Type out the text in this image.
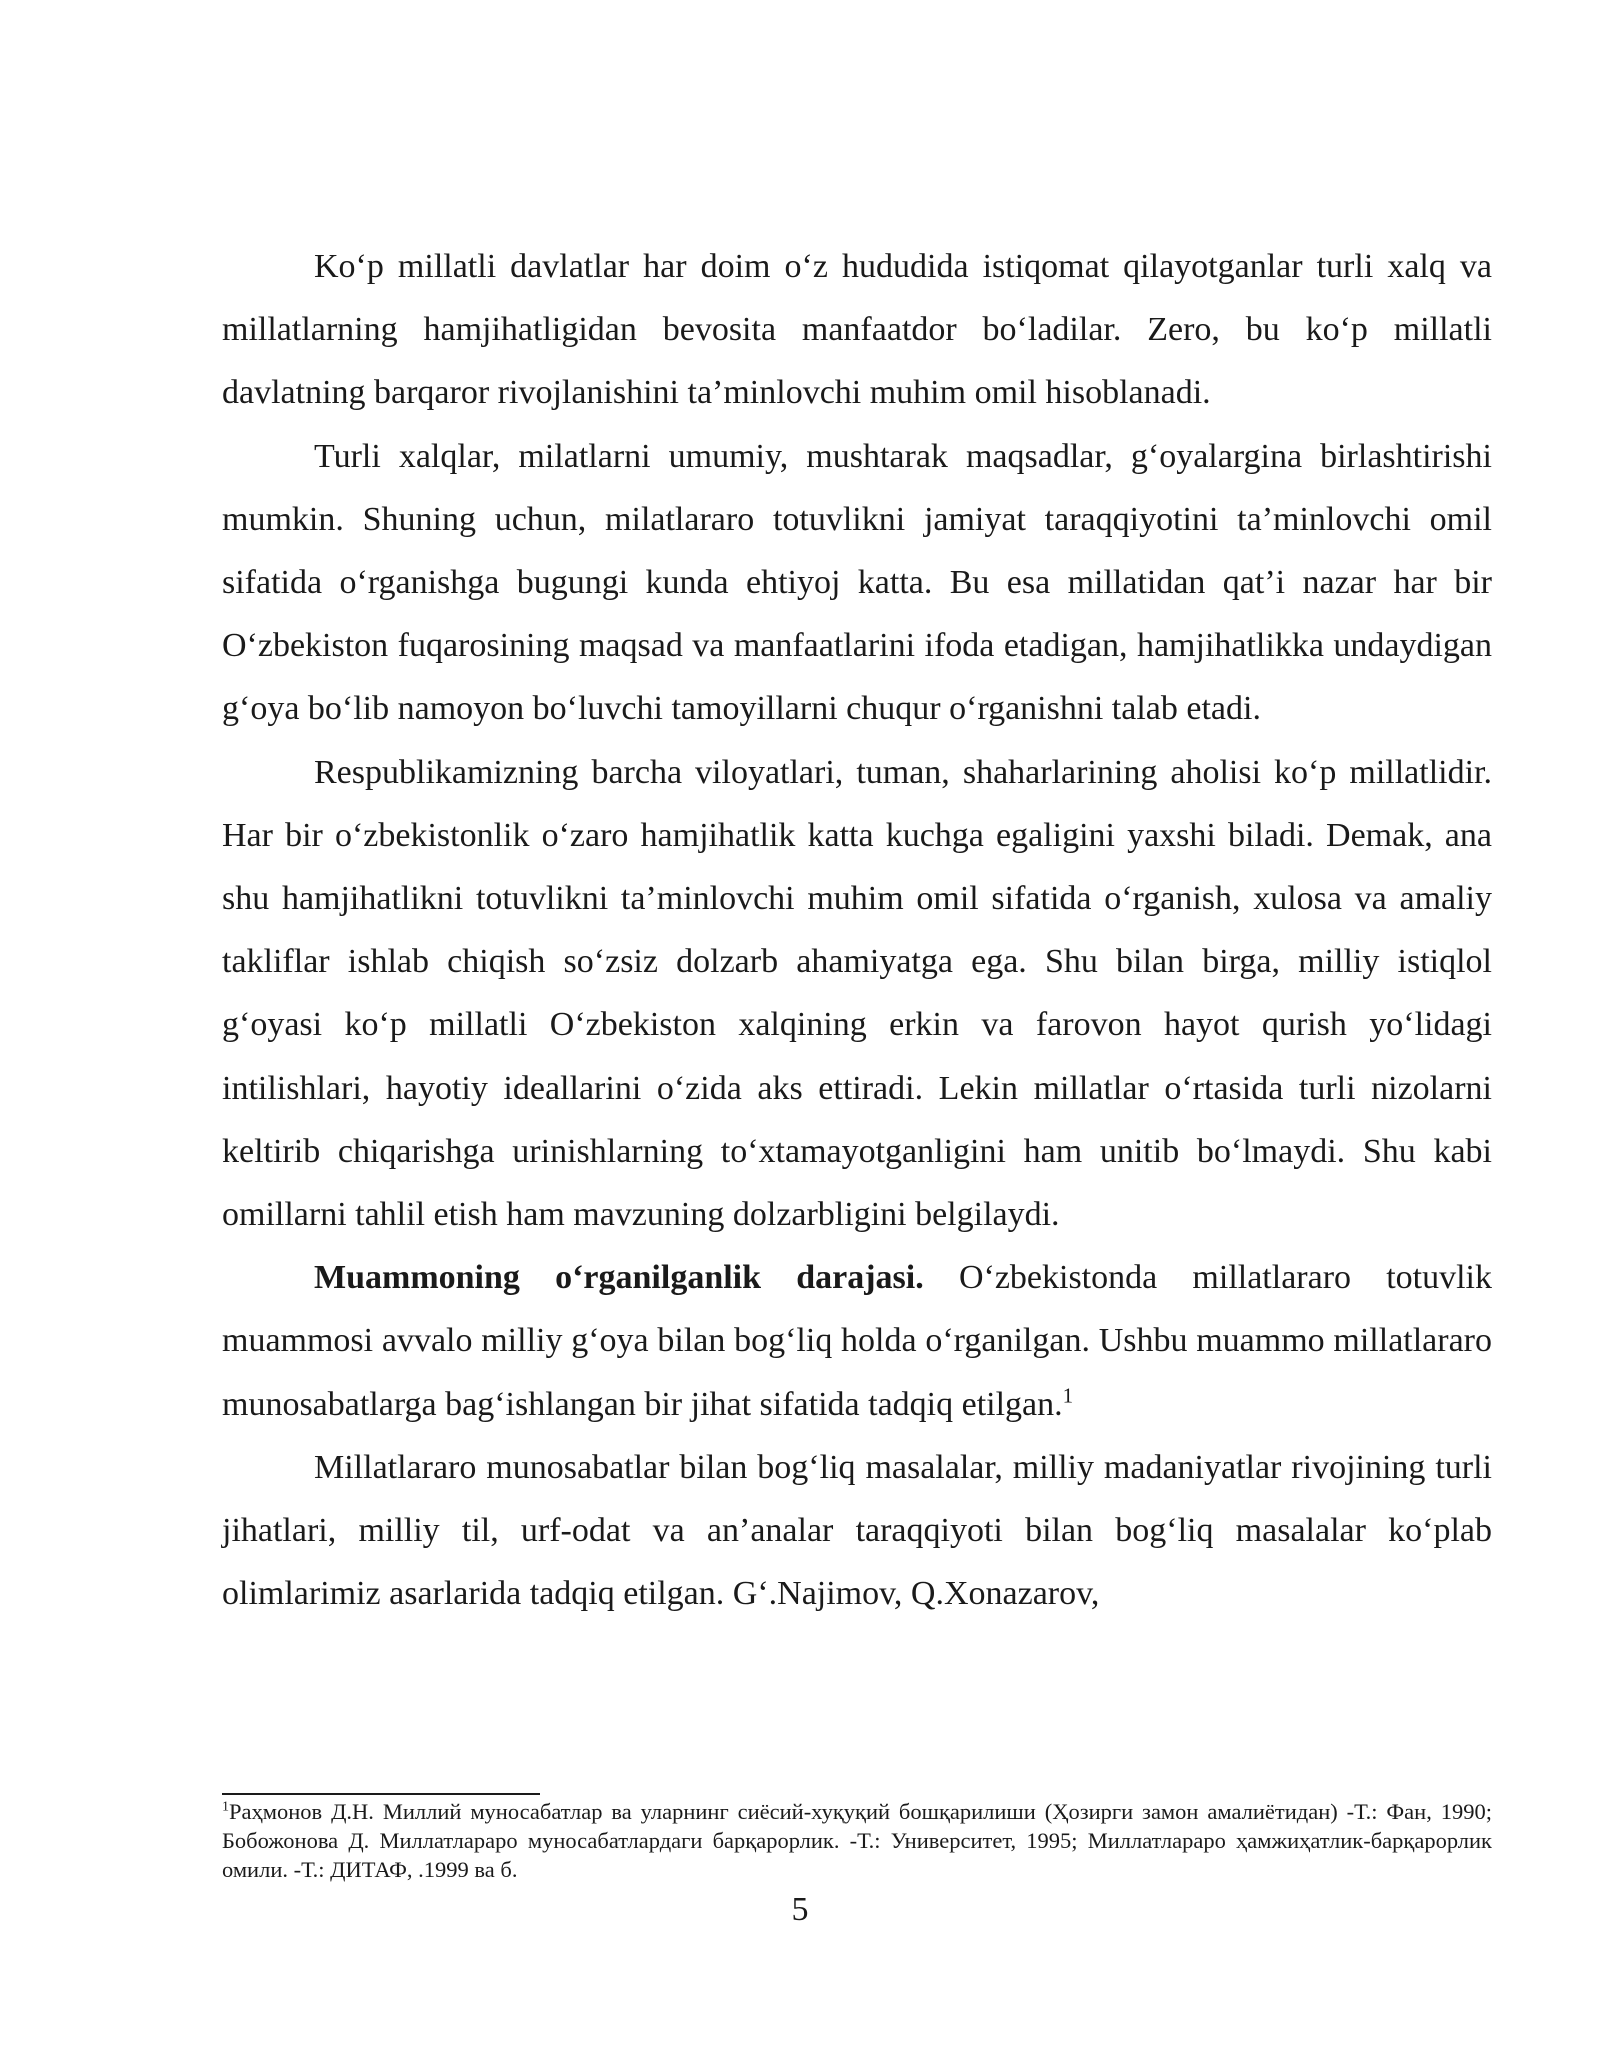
Ko‘p millatli davlatlar har doim o‘z hududida istiqomat qilayotganlar turli xalq va millatlarning hamjihatligidan bevosita manfaatdor bo‘ladilar. Zero, bu ko‘p millatli davlatning barqaror rivojlanishini ta’minlovchi muhim omil hisoblanadi.

Turli xalqlar, milatlarni umumiy, mushtarak maqsadlar, g‘oyalargina birlashtirishi mumkin. Shuning uchun, milatlararo totuvlikni jamiyat taraqqiyotini ta’minlovchi omil sifatida o‘rganishga bugungi kunda ehtiyoj katta. Bu esa millatidan qat’i nazar har bir O‘zbekiston fuqarosining maqsad va manfaatlarini ifoda etadigan, hamjihatlikka undaydigan g‘oya bo‘lib namoyon bo‘luvchi tamoyillarni chuqur o‘rganishni talab etadi.

Respublikamizning barcha viloyatlari, tuman, shaharlarining aholisi ko‘p millatlidir. Har bir o‘zbekistonlik o‘zaro hamjihatlik katta kuchga egaligini yaxshi biladi. Demak, ana shu hamjihatlikni totuvlikni ta’minlovchi muhim omil sifatida o‘rganish, xulosa va amaliy takliflar ishlab chiqish so‘zsiz dolzarb ahamiyatga ega. Shu bilan birga, milliy istiqlol g‘oyasi ko‘p millatli O‘zbekiston xalqining erkin va farovon hayot qurish yo‘lidagi intilishlari, hayotiy ideallarini o‘zida aks ettiradi. Lekin millatlar o‘rtasida turli nizolarni keltirib chiqarishga urinishlarning to‘xtamayotganligini ham unitib bo‘lmaydi. Shu kabi omillarni tahlil etish ham mavzuning dolzarbligini belgilaydi.

Muammoning o‘rganilganlik darajasi. O‘zbekistonda millatlararo totuvlik muammosi avvalo milliy g‘oya bilan bog‘liq holda o‘rganilgan. Ushbu muammo millatlararo munosabatlarga bag‘ishlangan bir jihat sifatida tadqiq etilgan.$^1$

Millatlararo munosabatlar bilan bog‘liq masalalar, milliy madaniyatlar rivojining turli jihatlari, milliy til, urf-odat va an’analar taraqqiyoti bilan bog‘liq masalalar ko‘plab olimlarimiz asarlarida tadqiq etilgan. G‘.Najimov, Q.Xonazarov,

$^1$Раҳмонов Д.Н. Миллий муносабатлар ва уларнинг сиёсий-хуқуқий бошқарилиши (Ҳозирги замон амалиётидан) -Т.: Фан, 1990; Бобожонова Д. Миллатлараро муносабатлардаги барқарорлик. -Т.: Университет, 1995; Миллатлараро ҳамжиҳатлик-барқарорлик омили. -Т.: ДИТАФ, .1999 ва б.

5
